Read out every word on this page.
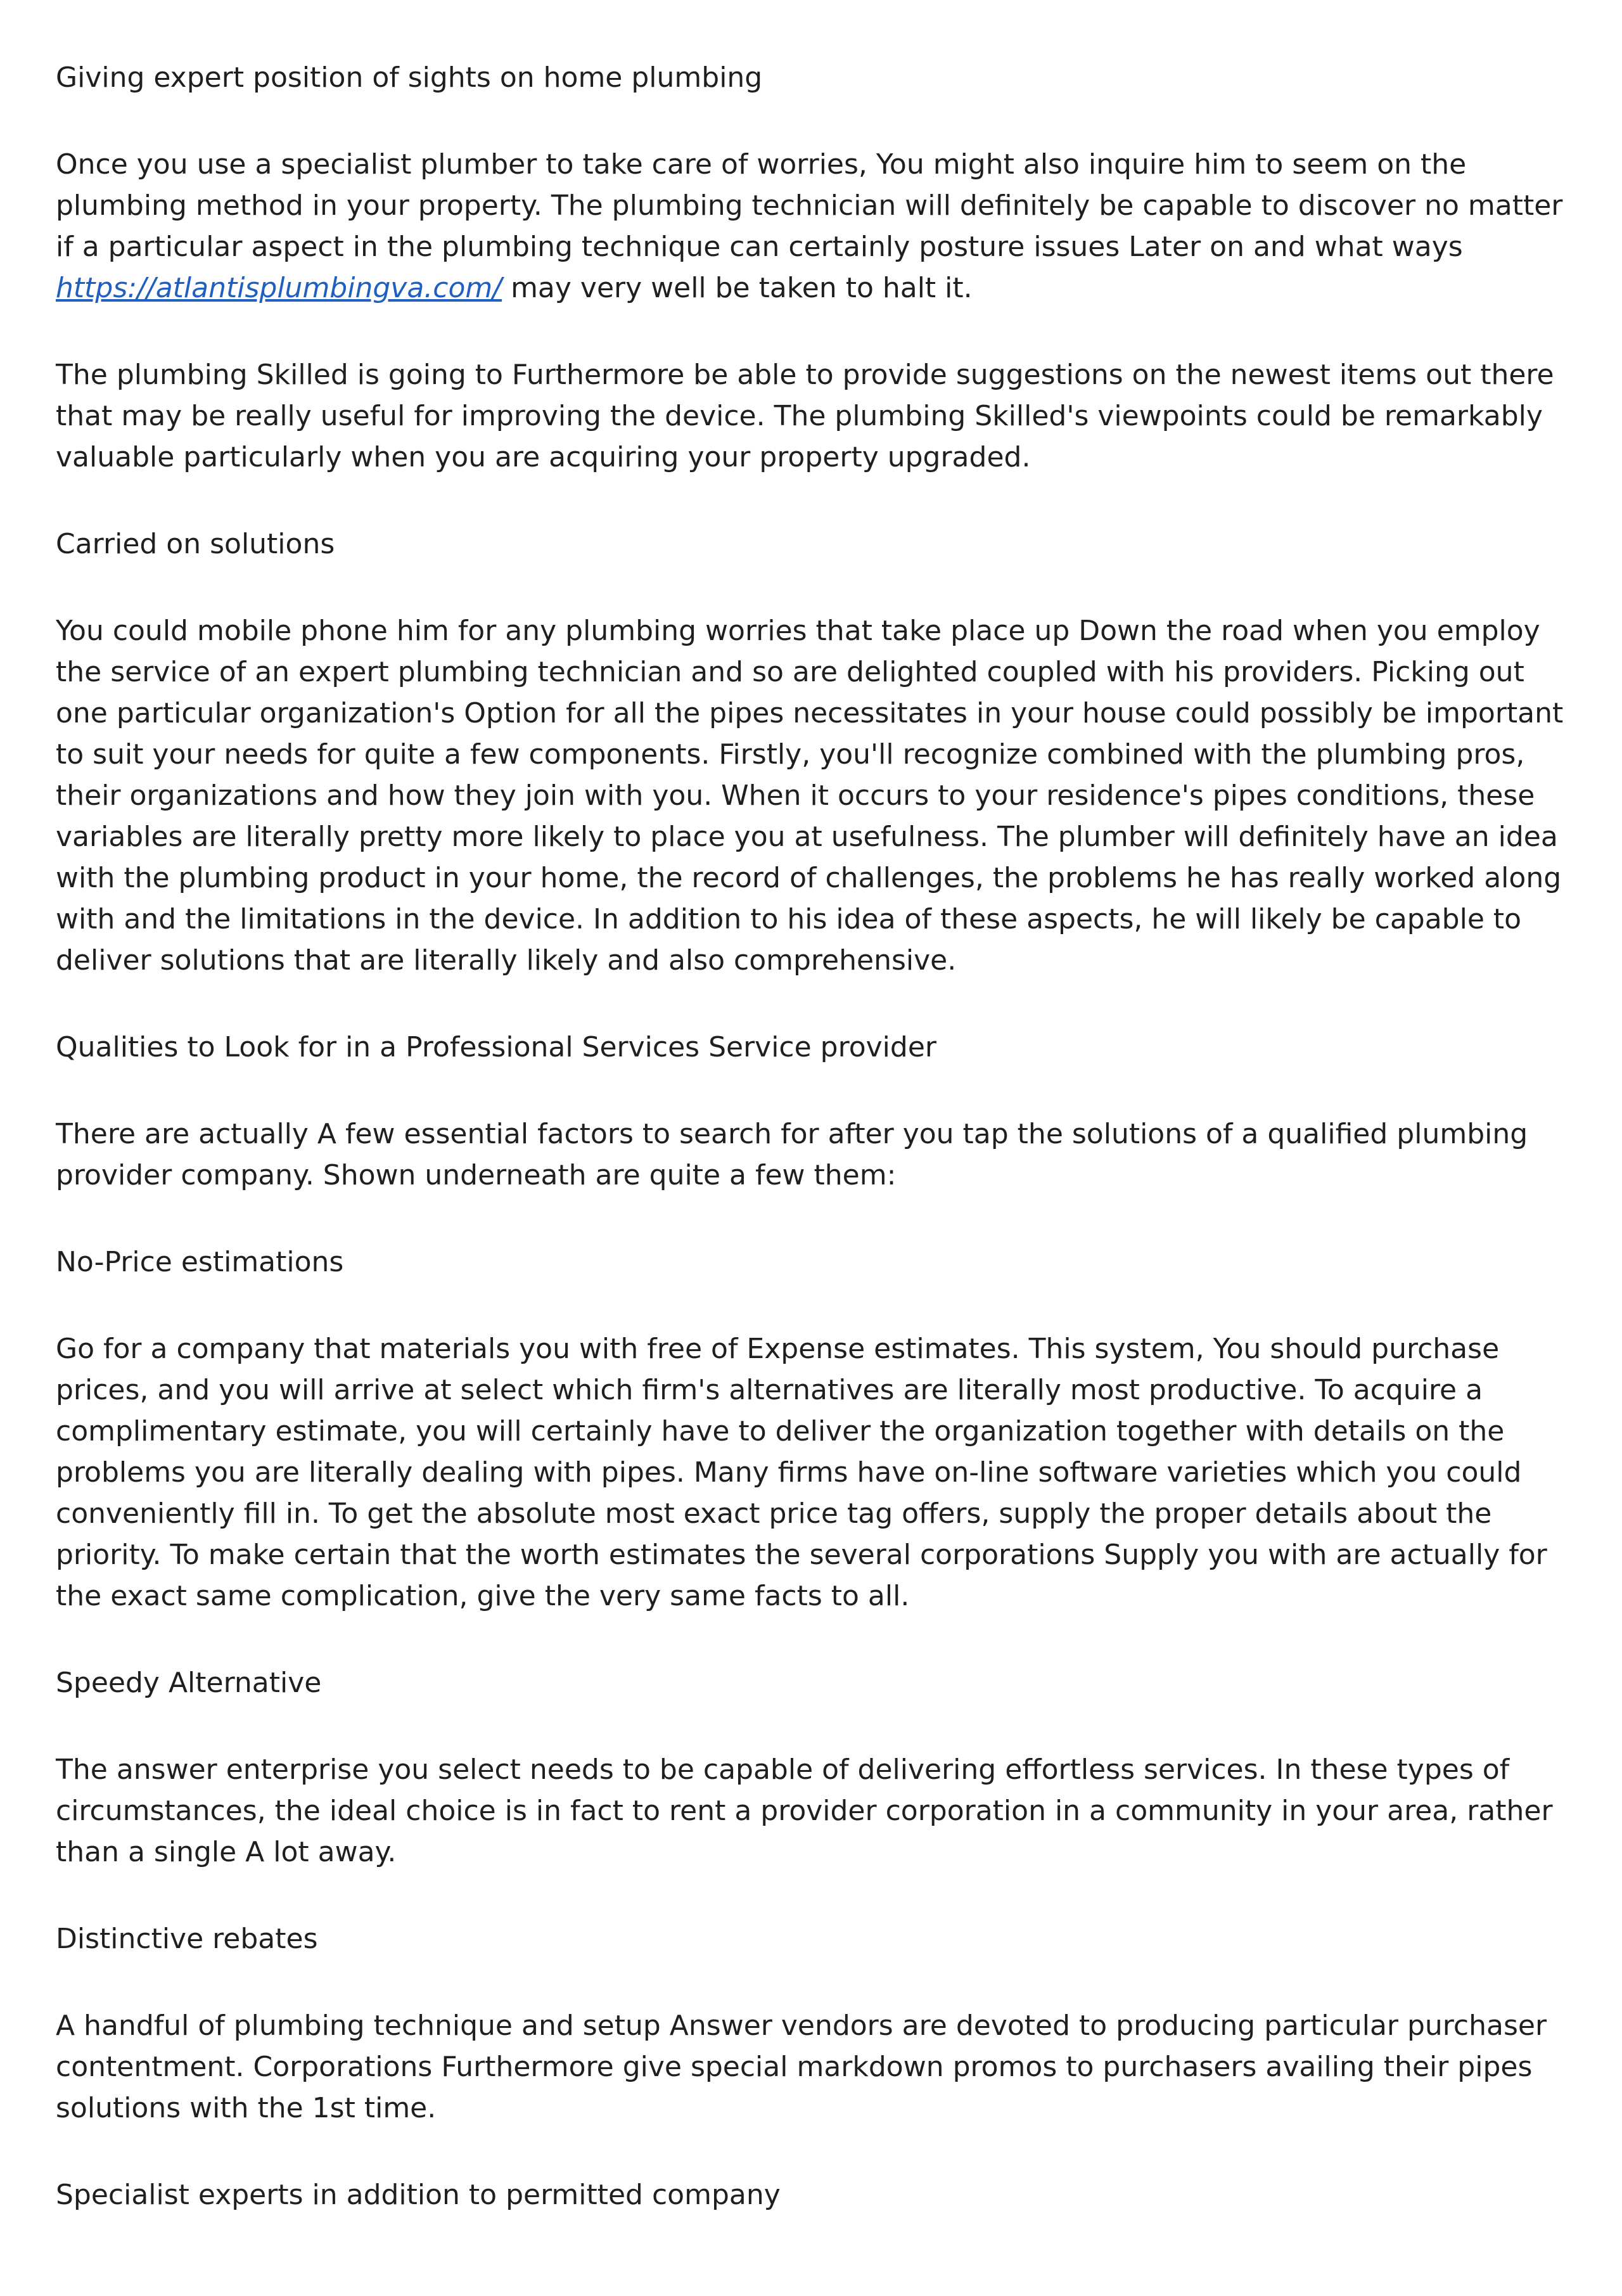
Giving expert position of sights on home plumbing
Once you use a specialist plumber to take care of worries, You might also inquire him to seem on the plumbing method in your property. The plumbing technician will definitely be capable to discover no matter if a particular aspect in the plumbing technique can certainly posture issues Later on and what ways https://atlantisplumbingva.com/ may very well be taken to halt it.
The plumbing Skilled is going to Furthermore be able to provide suggestions on the newest items out there that may be really useful for improving the device. The plumbing Skilled's viewpoints could be remarkably valuable particularly when you are acquiring your property upgraded.
Carried on solutions
You could mobile phone him for any plumbing worries that take place up Down the road when you employ the service of an expert plumbing technician and so are delighted coupled with his providers. Picking out one particular organization's Option for all the pipes necessitates in your house could possibly be important to suit your needs for quite a few components. Firstly, you'll recognize combined with the plumbing pros, their organizations and how they join with you. When it occurs to your residence's pipes conditions, these variables are literally pretty more likely to place you at usefulness. The plumber will definitely have an idea with the plumbing product in your home, the record of challenges, the problems he has really worked along with and the limitations in the device. In addition to his idea of these aspects, he will likely be capable to deliver solutions that are literally likely and also comprehensive.
Qualities to Look for in a Professional Services Service provider
There are actually A few essential factors to search for after you tap the solutions of a qualified plumbing provider company. Shown underneath are quite a few them:
No-Price estimations
Go for a company that materials you with free of Expense estimates. This system, You should purchase prices, and you will arrive at select which firm's alternatives are literally most productive. To acquire a complimentary estimate, you will certainly have to deliver the organization together with details on the problems you are literally dealing with pipes. Many firms have on-line software varieties which you could conveniently fill in. To get the absolute most exact price tag offers, supply the proper details about the priority. To make certain that the worth estimates the several corporations Supply you with are actually for the exact same complication, give the very same facts to all.
Speedy Alternative
The answer enterprise you select needs to be capable of delivering effortless services. In these types of circumstances, the ideal choice is in fact to rent a provider corporation in a community in your area, rather than a single A lot away.
Distinctive rebates
A handful of plumbing technique and setup Answer vendors are devoted to producing particular purchaser contentment. Corporations Furthermore give special markdown promos to purchasers availing their pipes solutions with the 1st time.
Specialist experts in addition to permitted company
